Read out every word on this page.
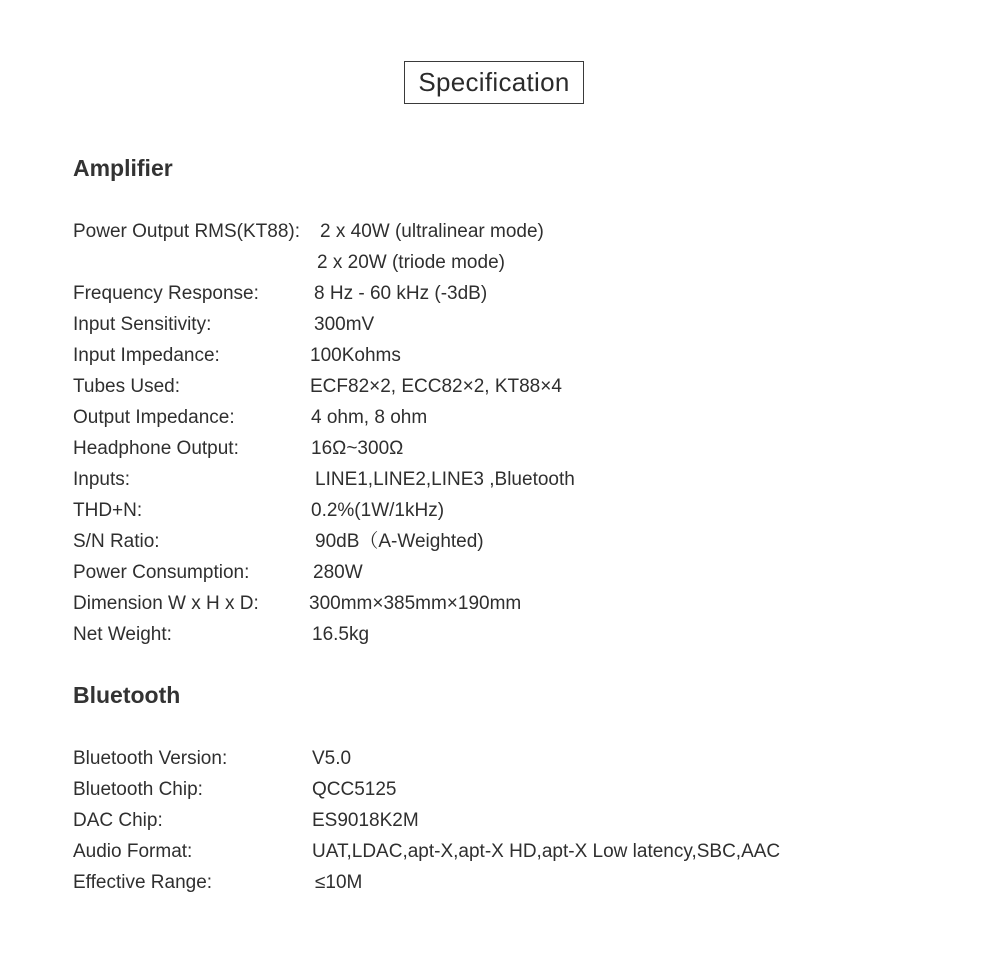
Specification
Amplifier
Power Output RMS(KT88): 2 x 40W (ultralinear mode)
2 x 20W (triode mode)
Frequency Response:	8 Hz - 60 kHz (-3dB)
Input Sensitivity:	300mV
Input Impedance:	100Kohms
Tubes Used:	ECF82×2, ECC82×2, KT88×4
Output Impedance:	4 ohm, 8 ohm
Headphone Output:	16Ω~300Ω
Inputs:	LINE1,LINE2,LINE3 ,Bluetooth
THD+N:	0.2%(1W/1kHz)
S/N Ratio:	90dB（A-Weighted)
Power Consumption:	280W
Dimension W x H x D:	300mm×385mm×190mm
Net Weight:	16.5kg
Bluetooth
Bluetooth Version:	V5.0
Bluetooth Chip:	QCC5125
DAC Chip:	ES9018K2M
Audio Format:	UAT,LDAC,apt-X,apt-X HD,apt-X Low latency,SBC,AAC
Effective Range:	≤10M
